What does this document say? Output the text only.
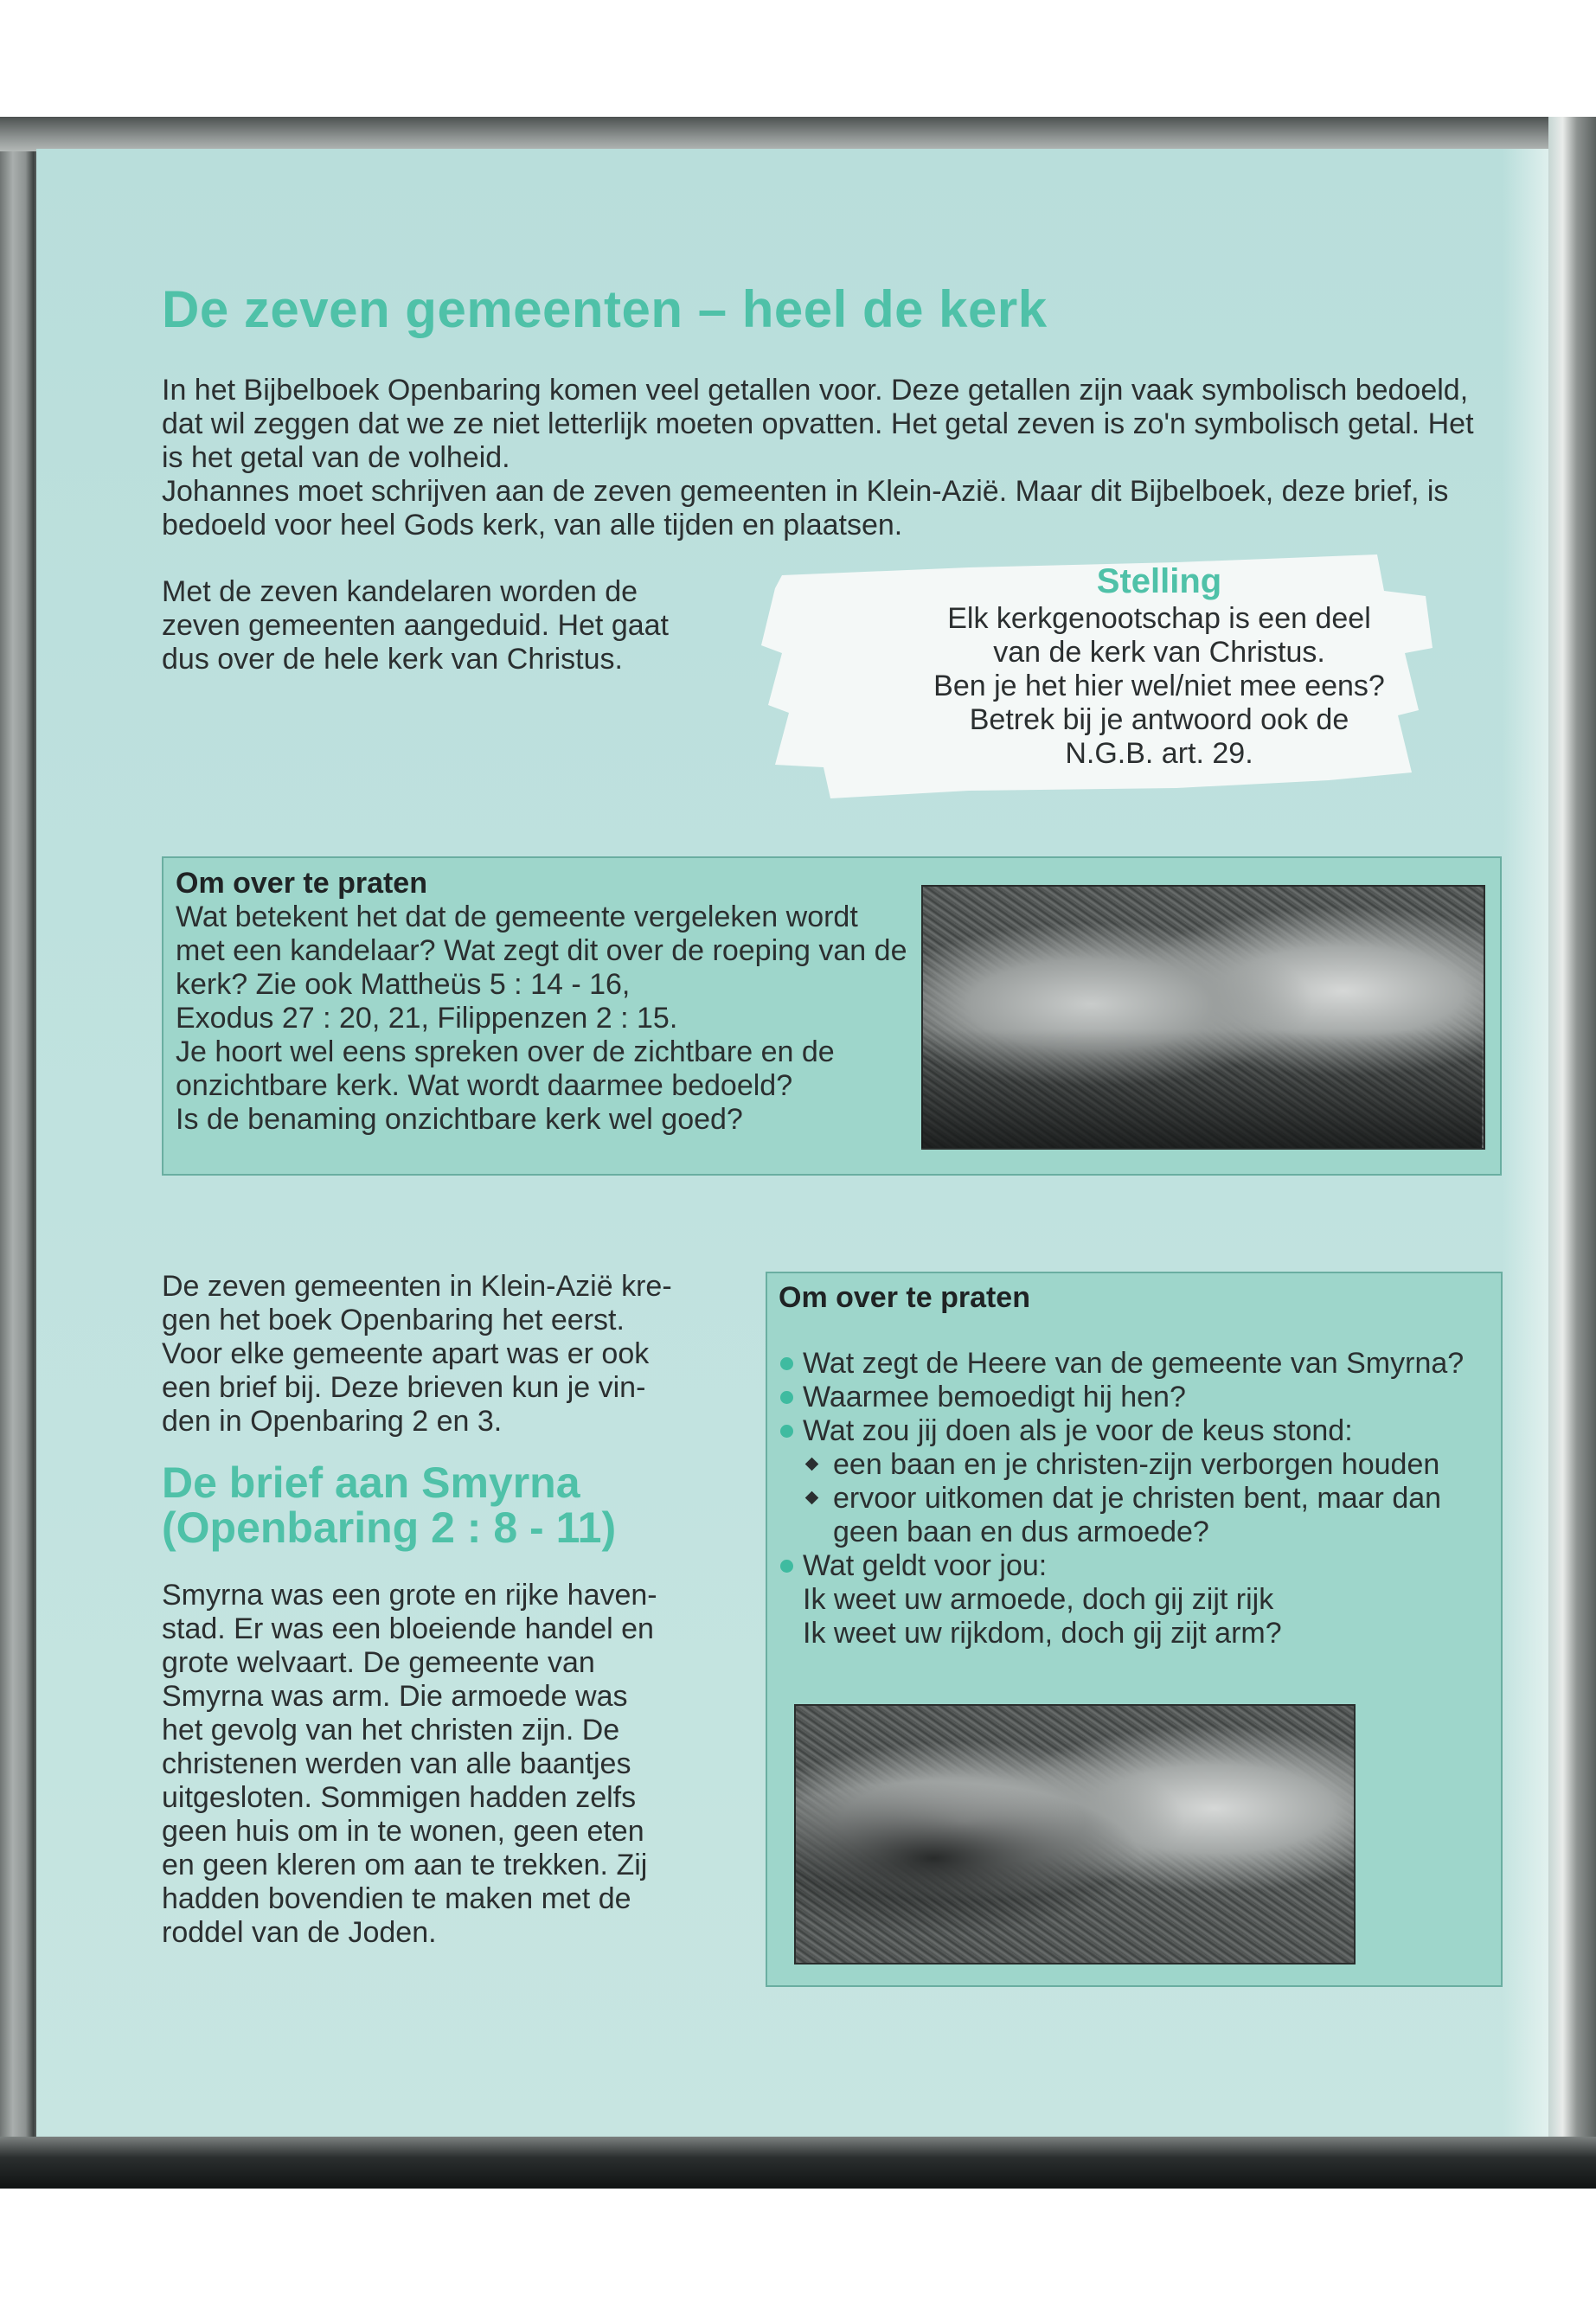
De zeven gemeenten – heel de kerk

In het Bijbelboek Openbaring komen veel getallen voor. Deze getallen zijn vaak symbolisch bedoeld, dat wil zeggen dat we ze niet letterlijk moeten opvatten. Het getal zeven is zo'n symbolisch getal. Het is het getal van de volheid.

Johannes moet schrijven aan de zeven gemeenten in Klein-Azië. Maar dit Bijbelboek, deze brief, is bedoeld voor heel Gods kerk, van alle tijden en plaatsen.

Met de zeven kandelaren worden de zeven gemeenten aangeduid. Het gaat dus over de hele kerk van Christus.

Stelling

Elk kerkgenootschap is een deel

van de kerk van Christus.

Ben je het hier wel/niet mee eens?

Betrek bij je antwoord ook de

N.G.B. art. 29.

Om over te praten

Wat betekent het dat de gemeente vergeleken wordt

met een kandelaar? Wat zegt dit over de roeping van de

kerk? Zie ook Mattheüs 5 : 14 - 16,

Exodus 27 : 20, 21, Filippenzen 2 : 15.

Je hoort wel eens spreken over de zichtbare en de

onzichtbare kerk. Wat wordt daarmee bedoeld?

Is de benaming onzichtbare kerk wel goed?

De zeven gemeenten in Klein-Azië kre-

gen het boek Openbaring het eerst.

Voor elke gemeente apart was er ook

een brief bij. Deze brieven kun je vin-

den in Openbaring 2 en 3.

De brief aan Smyrna
(Openbaring 2 : 8 - 11)

Smyrna was een grote en rijke haven-

stad. Er was een bloeiende handel en

grote welvaart. De gemeente van

Smyrna was arm. Die armoede was

het gevolg van het christen zijn. De

christenen werden van alle baantjes

uitgesloten. Sommigen hadden zelfs

geen huis om in te wonen, geen eten

en geen kleren om aan te trekken. Zij

hadden bovendien te maken met de

roddel van de Joden.

Om over te praten

Wat zegt de Heere van de gemeente van Smyrna?
Waarmee bemoedigt hij hen?
Wat zou jij doen als je voor de keus stond:
een baan en je christen-zijn verborgen houden
ervoor uitkomen dat je christen bent, maar dan
geen baan en dus armoede?
Wat geldt voor jou:
Ik weet uw armoede, doch gij zijt rijk
Ik weet uw rijkdom, doch gij zijt arm?
